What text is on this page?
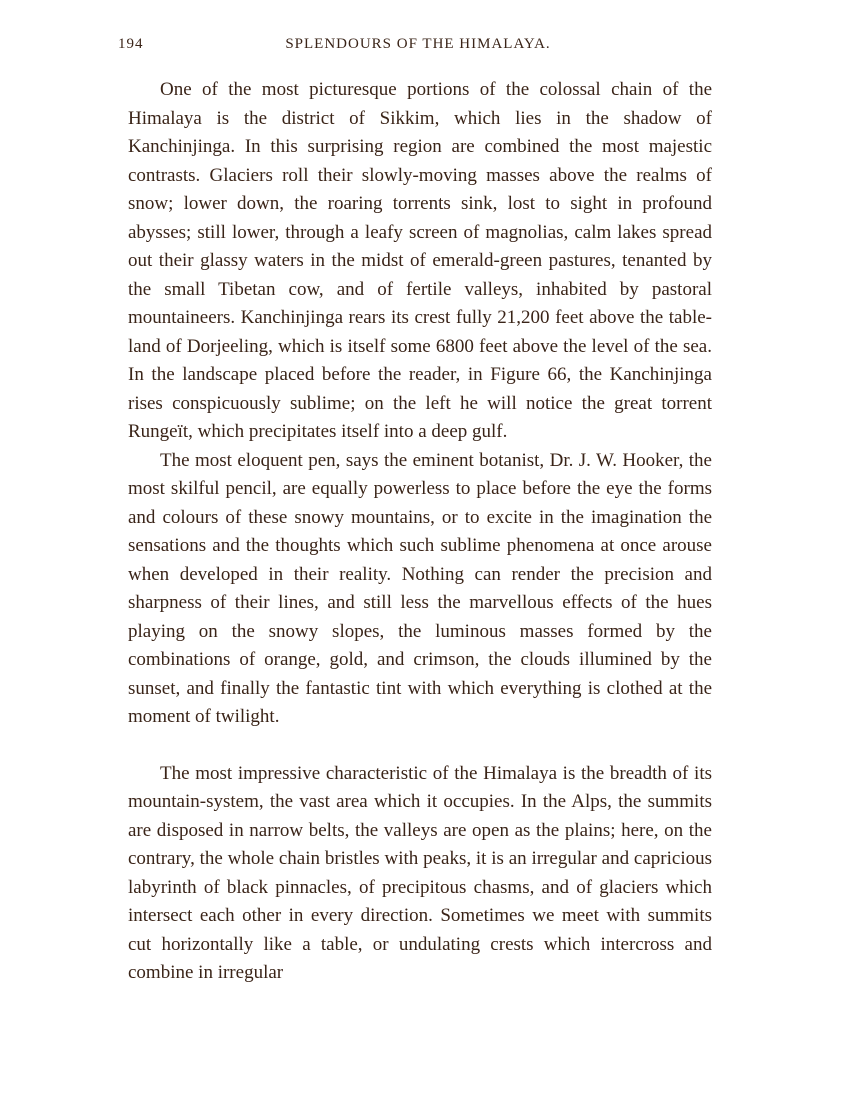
194	SPLENDOURS OF THE HIMALAYA.

One of the most picturesque portions of the colossal chain of the Himalaya is the district of Sikkim, which lies in the shadow of Kanchinjinga. In this surprising region are combined the most majestic contrasts. Glaciers roll their slowly-moving masses above the realms of snow; lower down, the roaring torrents sink, lost to sight in profound abysses; still lower, through a leafy screen of magnolias, calm lakes spread out their glassy waters in the midst of emerald-green pastures, tenanted by the small Tibetan cow, and of fertile valleys, inhabited by pastoral mountaineers. Kanchinjinga rears its crest fully 21,200 feet above the table-land of Dorjeeling, which is itself some 6800 feet above the level of the sea. In the landscape placed before the reader, in Figure 66, the Kanchinjinga rises conspicuously sublime; on the left he will notice the great torrent Rungeït, which precipitates itself into a deep gulf.

The most eloquent pen, says the eminent botanist, Dr. J. W. Hooker, the most skilful pencil, are equally powerless to place before the eye the forms and colours of these snowy mountains, or to excite in the imagination the sensations and the thoughts which such sublime phenomena at once arouse when developed in their reality. Nothing can render the precision and sharpness of their lines, and still less the marvellous effects of the hues playing on the snowy slopes, the luminous masses formed by the combinations of orange, gold, and crimson, the clouds illumined by the sunset, and finally the fantastic tint with which everything is clothed at the moment of twilight.

The most impressive characteristic of the Himalaya is the breadth of its mountain-system, the vast area which it occupies. In the Alps, the summits are disposed in narrow belts, the valleys are open as the plains; here, on the contrary, the whole chain bristles with peaks, it is an irregular and capricious labyrinth of black pinnacles, of precipitous chasms, and of glaciers which intersect each other in every direction. Sometimes we meet with summits cut horizontally like a table, or undulating crests which intercross and combine in irregular
